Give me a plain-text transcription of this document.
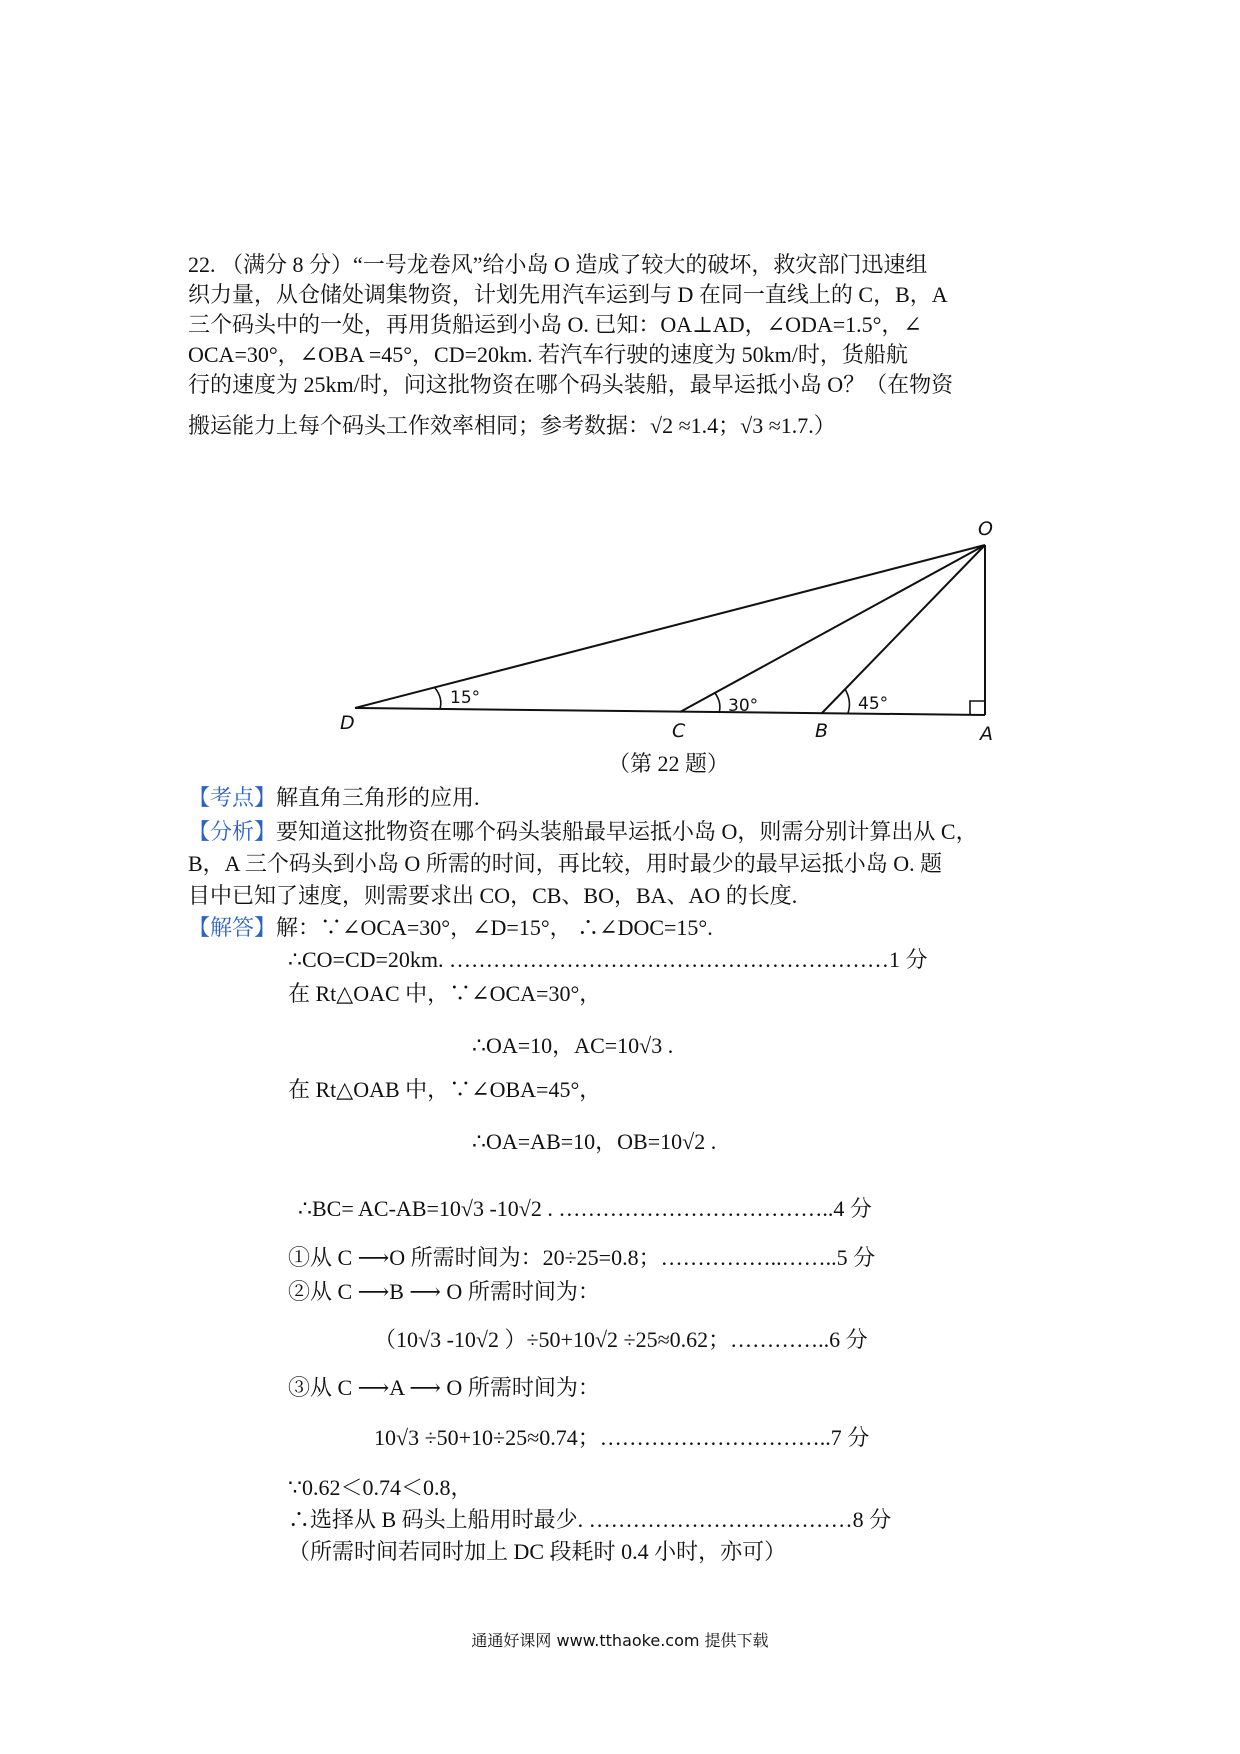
22. （满分 8 分）“一号龙卷风”给小岛 O 造成了较大的破坏，救灾部门迅速组
织力量，从仓储处调集物资，计划先用汽车运到与 D 在同一直线上的 C，B，A
三个码头中的一处，再用货船运到小岛 O. 已知：OA⊥AD，∠ODA=1.5°，∠
OCA=30°，∠OBA =45°，CD=20km. 若汽车行驶的速度为 50km/时，货船航
行的速度为 25km/时，问这批物资在哪个码头装船，最早运抵小岛 O？（在物资
搬运能力上每个码头工作效率相同；参考数据：√2 ≈1.4；√3 ≈1.7.）
O
D	C	B	A
15°	30°	45°
（第 22 题）
【考点】解直角三角形的应用.
【分析】要知道这批物资在哪个码头装船最早运抵小岛 O，则需分别计算出从 C，
B，A 三个码头到小岛 O 所需的时间，再比较，用时最少的最早运抵小岛 O. 题
目中已知了速度，则需要求出 CO，CB、BO，BA、AO 的长度.
【解答】解：∵∠OCA=30°，∠D=15°， ∴∠DOC=15°.
∴CO=CD=20km. ……………………………………………………1 分
在 Rt△OAC 中，∵∠OCA=30°，
∴OA=10，AC=10√3 .
在 Rt△OAB 中，∵∠OBA=45°，
∴OA=AB=10，OB=10√2 .
∴BC= AC-AB=10√3 -10√2 . ………………………………..4 分
①从 C ⟶O 所需时间为：20÷25=0.8；……………..……..5 分
②从 C ⟶B ⟶ O 所需时间为：
（10√3 -10√2 ）÷50+10√2 ÷25≈0.62；…………..6 分
③从 C ⟶A ⟶ O 所需时间为：
10√3 ÷50+10÷25≈0.74；…………………………..7 分
∵0.62＜0.74＜0.8，
∴选择从 B 码头上船用时最少. ………………………………8 分
（所需时间若同时加上 DC 段耗时 0.4 小时，亦可）
通通好课网 www.tthaoke.com 提供下载
